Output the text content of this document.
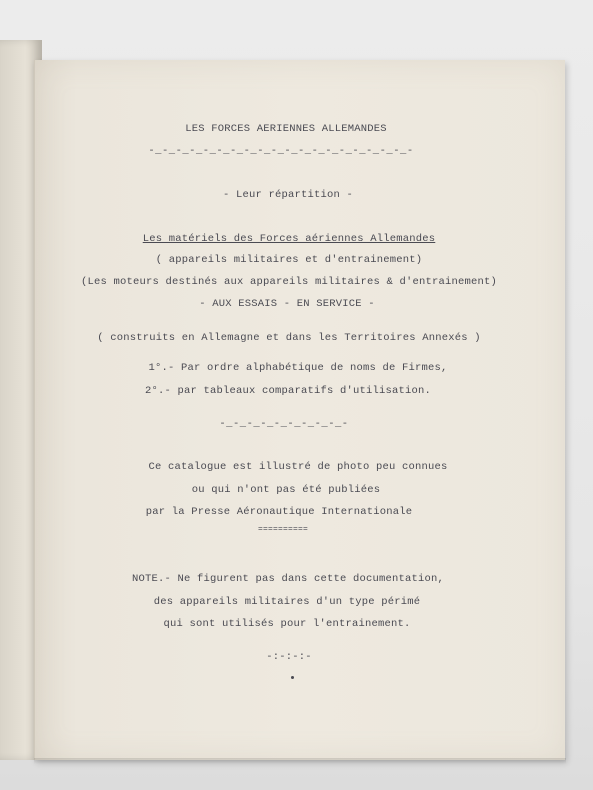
LES FORCES AERIENNES ALLEMANDES
-_-_-_-_-_-_-_-_-_-_-_-_-_-_-_-_-_-_-_-
- Leur répartition -
Les matériels des Forces aériennes Allemandes
( appareils militaires et d'entrainement)
(Les moteurs destinés aux appareils militaires & d'entrainement)
- AUX ESSAIS - EN SERVICE -
( construits en Allemagne et dans les Territoires Annexés )
1°.- Par ordre alphabétique de noms de Firmes,
2°.- par tableaux comparatifs d'utilisation.
-_-_-_-_-_-_-_-_-_-
Ce catalogue est illustré de photo peu connues
ou qui n'ont pas été publiées
par la Presse Aéronautique Internationale
==========
NOTE.- Ne figurent pas dans cette documentation,
des appareils militaires d'un type périmé
qui sont utilisés pour l'entrainement.
-:-:-:-
